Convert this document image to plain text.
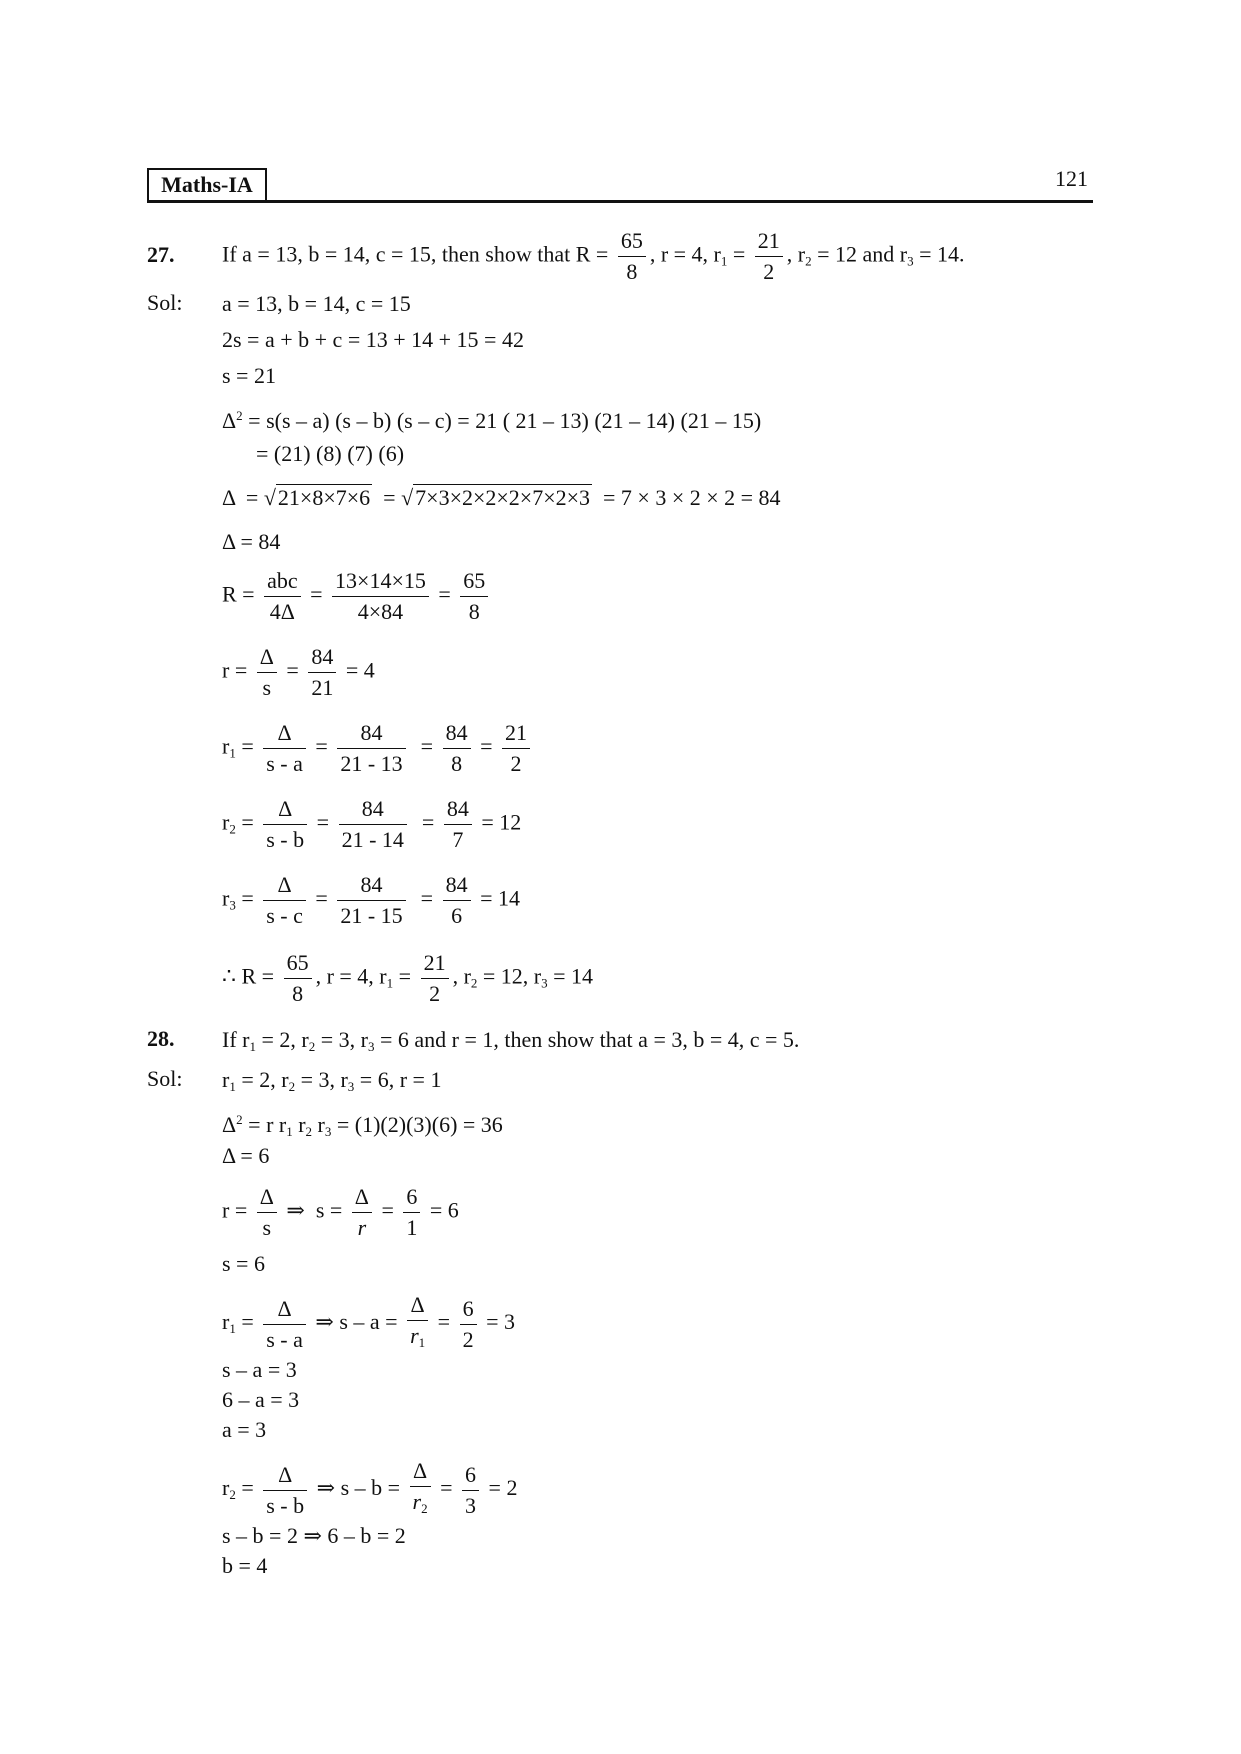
Maths-IA	121
27. If a = 13, b = 14, c = 15, then show that $R = \frac{65}{8}$ , r = 4, $r_1 = \frac{21}{2}$ , $r_2 = 12$ and $r_3 = 14$.
Sol: a = 13, b = 14, c = 15
2s = a + b + c = 13 + 14 + 15 = 42
s = 21
$\Delta^2 = s(s - a)$ (s – b) (s – c) = 21 ( 21 – 13) (21 – 14) (21 – 15)
= (21) (8) (7) (6)
Δ  = √21×8×7×6  = √7×3×2×2×2×7×2×3 = 7 × 3 × 2 × 2 = 84
Δ = 84
$R = \frac{\text{abc}}{4\Delta} = \frac{13\times 14\times 15}{4\times 84} = \frac{65}{8}$
$r = \frac{\Delta}{s} = \frac{84}{21} = 4$
$r_1 = \frac{\Delta}{s - a} = \frac{84}{21 - 13} = \frac{84}{8} = \frac{21}{2}$
$r_2 = \frac{\Delta}{s - b} = \frac{84}{21 - 14} = \frac{84}{7} = 12$
$r_3 = \frac{\Delta}{s - c} = \frac{84}{21 - 15} = \frac{84}{6} = 14$
∴ $R = \frac{65}{8}$ , r = 4, $r_1 = \frac{21}{2}$ , $r_2 = 12$, $r_3 = 14$
28. If $r_1 = 2$, $r_2 = 3$, $r_3 = 6$ and r = 1, then show that a = 3, b = 4, c = 5.
Sol: $r_1 = 2$, $r_2 = 3$, $r_3 = 6$, r = 1
$\Delta^2 = r$ $r_1$ $r_2$ $r_3 = (1)(2)(3)(6) = 36$
Δ = 6
$r = \frac{\Delta}{s}$ ⇒  $s = \frac{\Delta}{r} = \frac{6}{1} = 6$
s = 6
$r_1 = \frac{\Delta}{s - a}$ ⇒ $s - a = \frac{\Delta}{r_1} = \frac{6}{2} = 3$
s – a = 3
6 – a = 3
a = 3
$r_2 = \frac{\Delta}{s - b}$ ⇒ $s - b = \frac{\Delta}{r_2} = \frac{6}{3} = 2$
s – b = 2 ⇒ 6 – b = 2
b = 4
